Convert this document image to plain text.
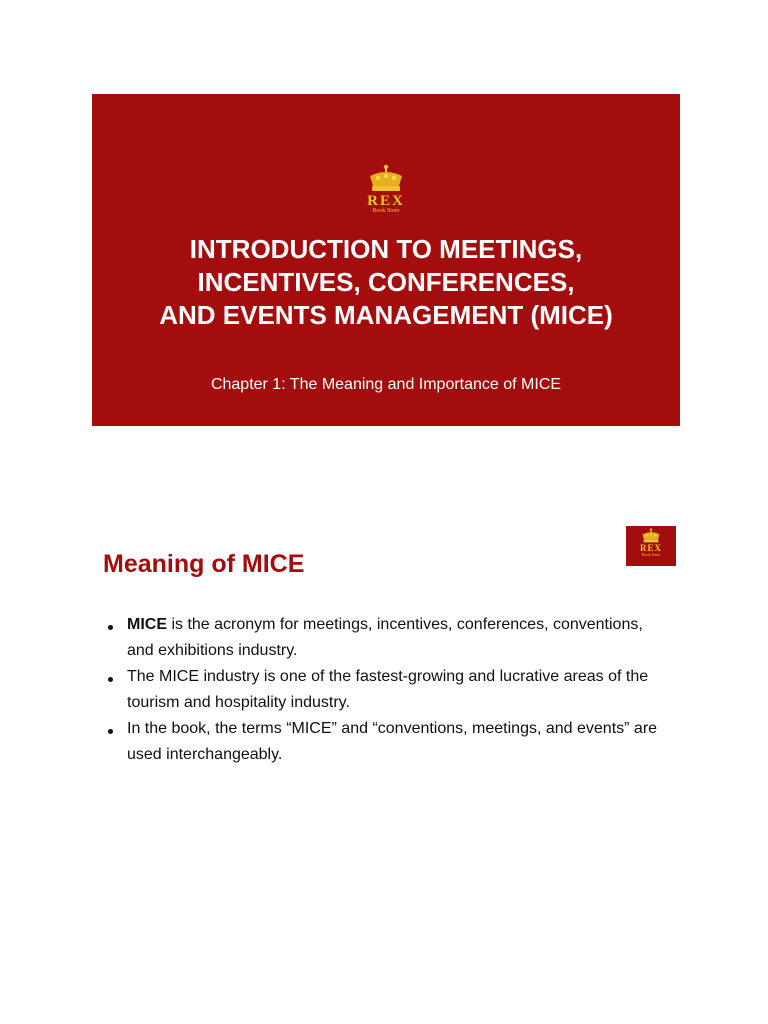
REX
Book Store
INTRODUCTION TO MEETINGS,
INCENTIVES, CONFERENCES,
AND EVENTS MANAGEMENT (MICE)

Chapter 1: The Meaning and Importance of MICE

REX
Book Store
Meaning of MICE
MICE is the acronym for meetings, incentives, conferences, conventions, and exhibitions industry.
The MICE industry is one of the fastest-growing and lucrative areas of the tourism and hospitality industry.
In the book, the terms “MICE” and “conventions, meetings, and events” are used interchangeably.
